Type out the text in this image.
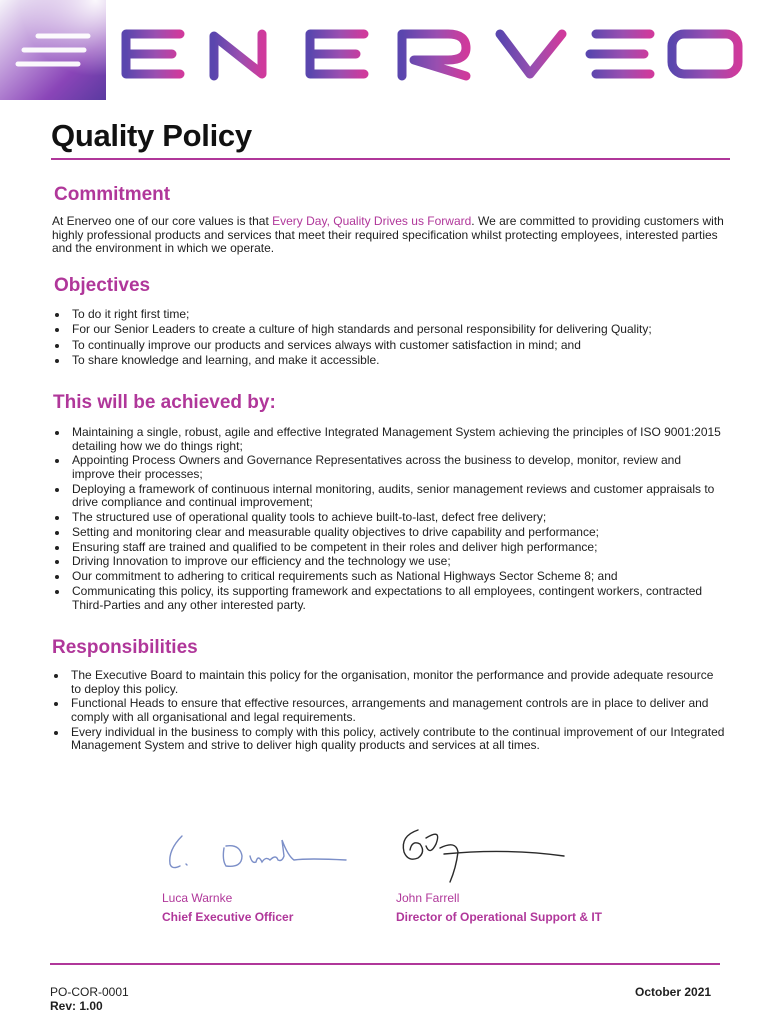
Quality Policy
Commitment

At Enerveo one of our core values is that Every Day, Quality Drives us Forward. We are committed to providing customers with highly professional products and services that meet their required specification whilst protecting employees, interested parties and the environment in which we operate.

Objectives
To do it right first time;
For our Senior Leaders to create a culture of high standards and personal responsibility for delivering Quality;
To continually improve our products and services always with customer satisfaction in mind; and
To share knowledge and learning, and make it accessible.
This will be achieved by:
Maintaining a single, robust, agile and effective Integrated Management System achieving the principles of ISO 9001:2015 detailing how we do things right;
Appointing Process Owners and Governance Representatives across the business to develop, monitor, review and improve their processes;
Deploying a framework of continuous internal monitoring, audits, senior management reviews and customer appraisals to drive compliance and continual improvement;
The structured use of operational quality tools to achieve built-to-last, defect free delivery;
Setting and monitoring clear and measurable quality objectives to drive capability and performance;
Ensuring staff are trained and qualified to be competent in their roles and deliver high performance;
Driving Innovation to improve our efficiency and the technology we use;
Our commitment to adhering to critical requirements such as National Highways Sector Scheme 8; and
Communicating this policy, its supporting framework and expectations to all employees, contingent workers, contracted Third-Parties and any other interested party.
Responsibilities
The Executive Board to maintain this policy for the organisation, monitor the performance and provide adequate resource to deploy this policy.
Functional Heads to ensure that effective resources, arrangements and management controls are in place to deliver and comply with all organisational and legal requirements.
Every individual in the business to comply with this policy, actively contribute to the continual improvement of our Integrated Management System and strive to deliver high quality products and services at all times.
Luca Warnke
Chief Executive Officer
John Farrell
Director of Operational Support & IT
PO-COR-0001
Rev: 1.00
October 2021
